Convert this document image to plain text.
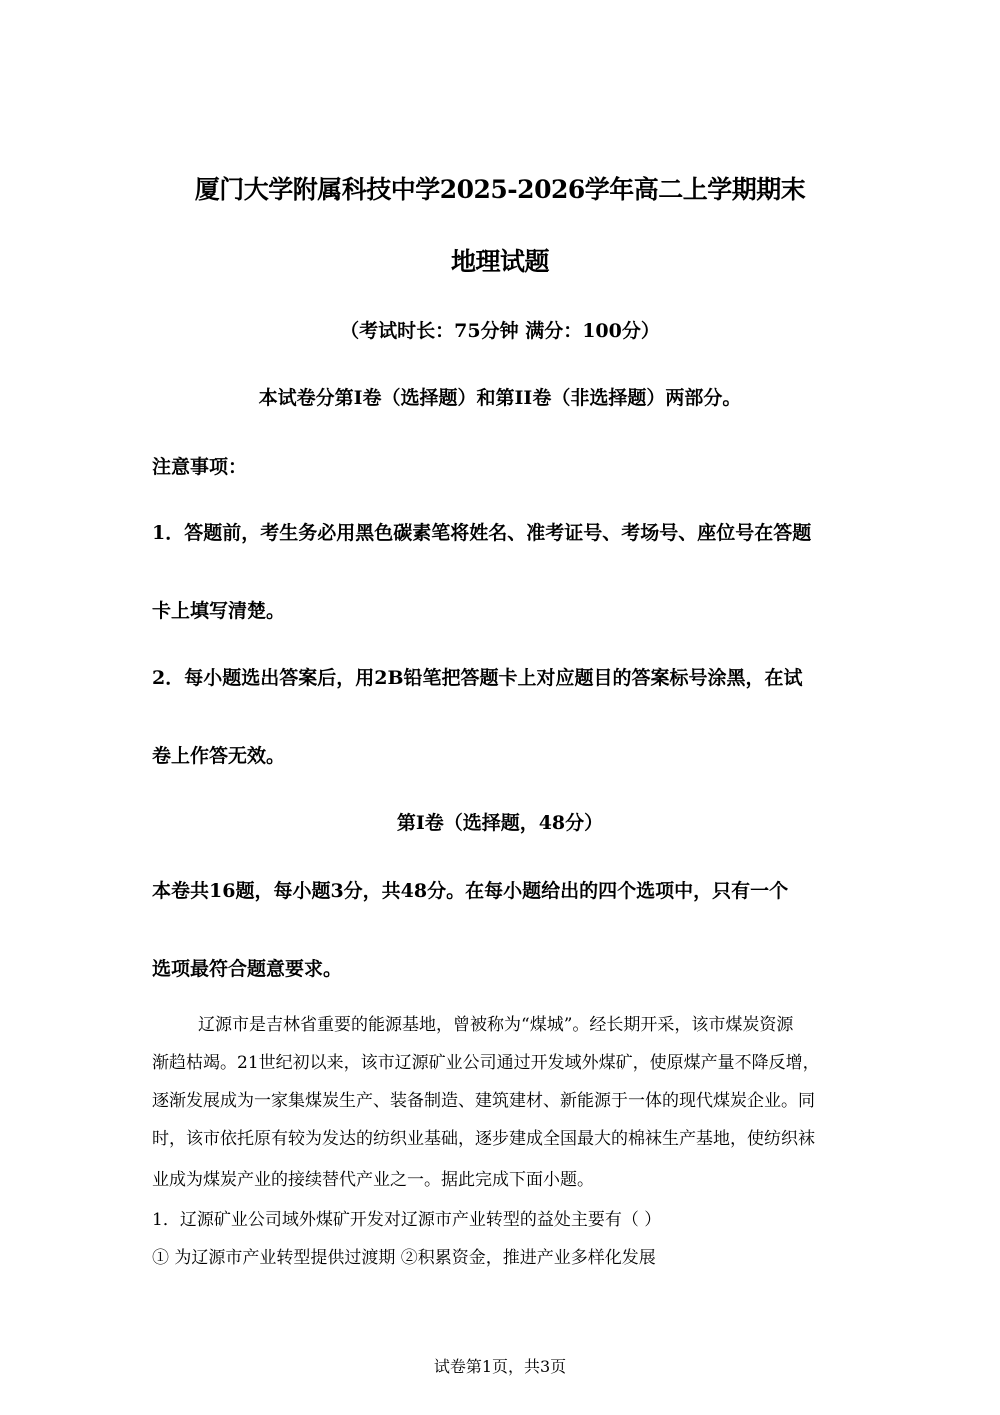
厦门大学附属科技中学2025-2026学年高二上学期期末
地理试题
（考试时长：75分钟 满分：100分）
本试卷分第I卷（选择题）和第II卷（非选择题）两部分。
注意事项：
1．答题前，考生务必用黑色碳素笔将姓名、准考证号、考场号、座位号在答题
卡上填写清楚。
2．每小题选出答案后，用2B铅笔把答题卡上对应题目的答案标号涂黑，在试
卷上作答无效。
第I卷（选择题，48分）
本卷共16题，每小题3分，共48分。在每小题给出的四个选项中，只有一个
选项最符合题意要求。
辽源市是吉林省重要的能源基地，曾被称为“煤城”。经长期开采，该市煤炭资源
渐趋枯竭。21世纪初以来，该市辽源矿业公司通过开发域外煤矿，使原煤产量不降反增，
逐渐发展成为一家集煤炭生产、装备制造、建筑建材、新能源于一体的现代煤炭企业。同
时，该市依托原有较为发达的纺织业基础，逐步建成全国最大的棉袜生产基地，使纺织袜
业成为煤炭产业的接续替代产业之一。据此完成下面小题。
1．辽源矿业公司域外煤矿开发对辽源市产业转型的益处主要有（ ）
① 为辽源市产业转型提供过渡期 ②积累资金，推进产业多样化发展
试卷第1页，共3页
